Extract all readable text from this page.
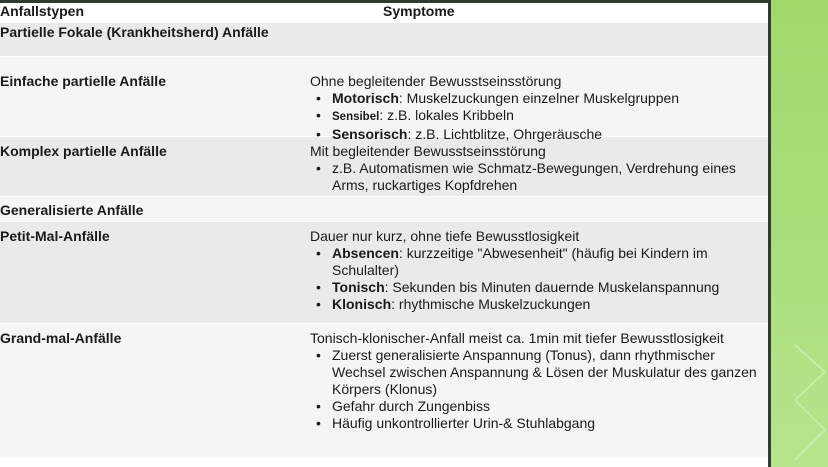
Anfallstypen	Symptome
Partielle Fokale (Krankheitsherd) Anfälle
Einfache partielle Anfälle	Ohne begleitender Bewusstseinsstörung
• Motorisch: Muskelzuckungen einzelner Muskelgruppen
• Sensibel: z.B. lokales Kribbeln
• Sensorisch: z.B. Lichtblitze, Ohrgeräusche
Komplex partielle Anfälle	Mit begleitender Bewusstseinsstörung
• z.B. Automatismen wie Schmatz-Bewegungen, Verdrehung eines Arms, ruckartiges Kopfdrehen
Generalisierte Anfälle
Petit-Mal-Anfälle	Dauer nur kurz, ohne tiefe Bewusstlosigkeit
• Absencen: kurzzeitige "Abwesenheit" (häufig bei Kindern im Schulalter)
• Tonisch: Sekunden bis Minuten dauernde Muskelanspannung
• Klonisch: rhythmische Muskelzuckungen
Grand-mal-Anfälle	Tonisch-klonischer-Anfall meist ca. 1min mit tiefer Bewusstlosigkeit
• Zuerst generalisierte Anspannung (Tonus), dann rhythmischer Wechsel zwischen Anspannung & Lösen der Muskulatur des ganzen Körpers (Klonus)
• Gefahr durch Zungenbiss
• Häufig unkontrollierter Urin-& Stuhlabgang
